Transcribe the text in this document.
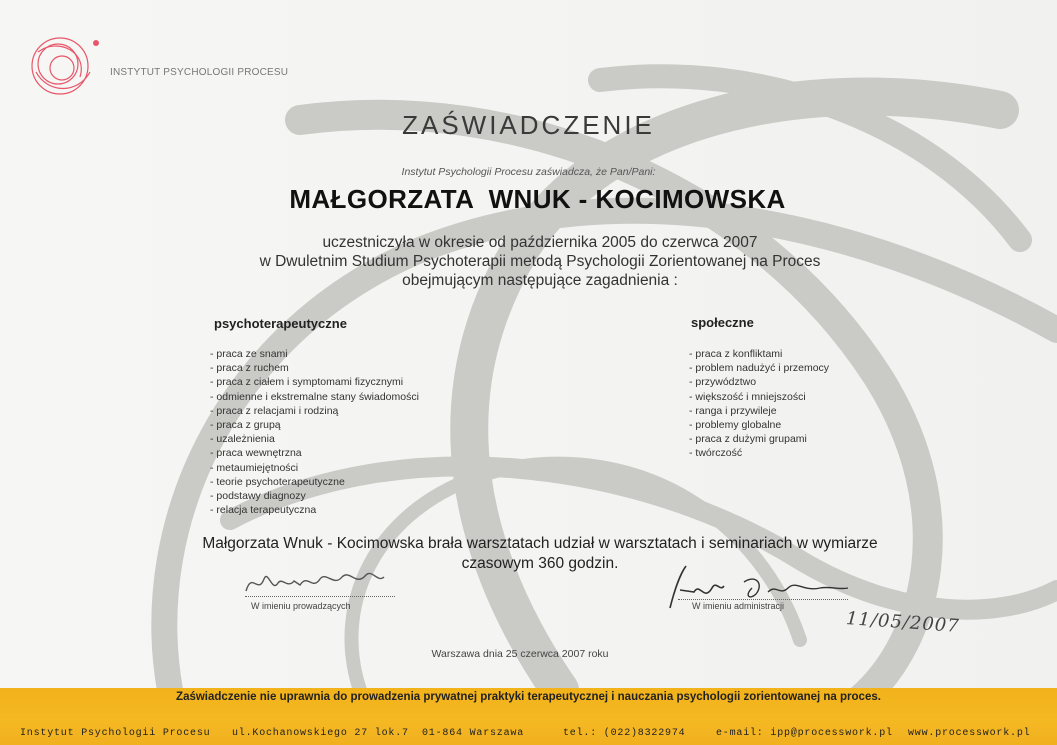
INSTYTUT PSYCHOLOGII PROCESU
ZAŚWIADCZENIE
Instytut Psychologii Procesu zaświadcza, że Pan/Pani:
MAŁGORZATA  WNUK - KOCIMOWSKA
uczestniczyła w okresie od października 2005 do czerwca 2007
w Dwuletnim Studium Psychoterapii metodą Psychologii Zorientowanej na Proces
obejmującym następujące zagadnienia :
psychoterapeutyczne
- praca ze snami
- praca z ruchem
- praca z ciałem i symptomami fizycznymi
- odmienne i ekstremalne stany świadomości
- praca z relacjami i rodziną
- praca z grupą
- uzależnienia
- praca wewnętrzna
- metaumiejętności
- teorie psychoterapeutyczne
- podstawy diagnozy
- relacja terapeutyczna
społeczne
- praca z konfliktami
- problem nadużyć i przemocy
- przywództwo
- większość i mniejszości
- ranga i przywileje
- problemy globalne
- praca z dużymi grupami
- twórczość
Małgorzata Wnuk - Kocimowska brała warsztatach udział w warsztatach i seminariach w wymiarze
czasowym 360 godzin.
W imieniu prowadzących	W imieniu administracji
11/05/2007
Warszawa dnia 25 czerwca 2007 roku
Zaświadczenie nie uprawnia do prowadzenia prywatnej praktyki terapeutycznej i nauczania psychologii zorientowanej na proces.
Instytut Psychologii Procesu ul.Kochanowskiego 27 lok.7 01-864 Warszawa	tel.: (022)8322974	e-mail: ipp@processwork.pl www.processwork.pl
